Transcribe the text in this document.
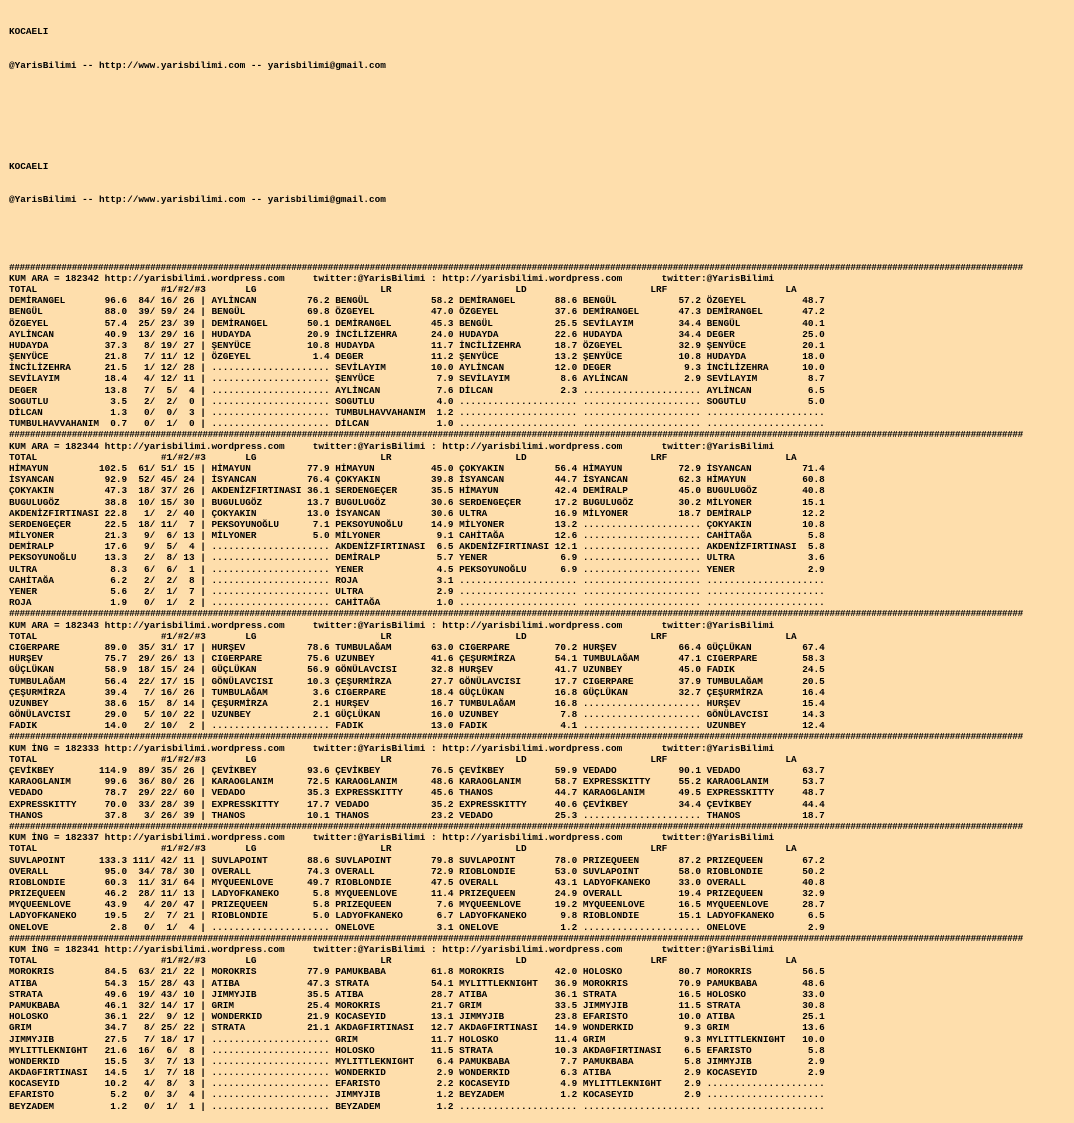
KOCAELI

@YarisBilimi -- http://www.yarisbilimi.com -- yarisbilimi@gmail.com

KOCAELI

@YarisBilimi -- http://www.yarisbilimi.com -- yarisbilimi@gmail.com

##################################################################################################################################################################################################
KUM ARA = 182342 http://yarisbilimi.wordpress.com     twitter:@YarisBilimi : http://yarisbilimi.wordpress.com       twitter:@YarisBilimi
TOTAL                      #1/#2/#3       LG                      LR                      LD                      LRF                     LA
DEMİRANGEL       96.6  84/ 16/ 26 | AYLİNCAN         76.2 BENGÜL           58.2 DEMİRANGEL       88.6 BENGÜL           57.2 ÖZGEYEL          48.7
BENGÜL           88.0  39/ 59/ 24 | BENGÜL           69.8 ÖZGEYEL          47.0 ÖZGEYEL          37.6 DEMİRANGEL       47.3 DEMİRANGEL       47.2
ÖZGEYEL          57.4  25/ 23/ 39 | DEMİRANGEL       50.1 DEMİRANGEL       45.3 BENGÜL           25.5 SEVİLAYIM        34.4 BENGÜL           40.1
AYLİNCAN         40.9  13/ 29/ 16 | HUDAYDA          20.9 İNCİLİZEHRA      24.0 HUDAYDA          22.6 HUDAYDA          34.4 DEGER            25.0
HUDAYDA          37.3   8/ 19/ 27 | ŞENYÜCE          10.8 HUDAYDA          11.7 İNCİLİZEHRA      18.7 ÖZGEYEL          32.9 ŞENYÜCE          20.1
ŞENYÜCE          21.8   7/ 11/ 12 | ÖZGEYEL           1.4 DEGER            11.2 ŞENYÜCE          13.2 ŞENYÜCE          10.8 HUDAYDA          18.0
İNCİLİZEHRA      21.5   1/ 12/ 28 | ..................... SEVİLAYIM        10.0 AYLİNCAN         12.0 DEGER             9.3 İNCİLİZEHRA      10.0
SEVİLAYIM        18.4   4/ 12/ 11 | ..................... ŞENYÜCE           7.9 SEVİLAYIM         8.6 AYLİNCAN          2.9 SEVİLAYIM         8.7
DEGER            13.8   7/  5/  4 | ..................... AYLİNCAN          7.6 DİLCAN            2.3 ..................... AYLİNCAN          6.5
SOGUTLU           3.5   2/  2/  0 | ..................... SOGUTLU           4.0 ..................... ..................... SOGUTLU           5.0
DİLCAN            1.3   0/  0/  3 | ..................... TUMBULHAVVAHANIM  1.2 ..................... ..................... .....................
TUMBULHAVVAHANIM  0.7   0/  1/  0 | ..................... DİLCAN            1.0 ..................... ..................... .....................
##################################################################################################################################################################################################
KUM ARA = 182344 http://yarisbilimi.wordpress.com     twitter:@YarisBilimi : http://yarisbilimi.wordpress.com       twitter:@YarisBilimi
TOTAL                      #1/#2/#3       LG                      LR                      LD                      LRF                     LA
HİMAYUN         102.5  61/ 51/ 15 | HİMAYUN          77.9 HİMAYUN          45.0 ÇOKYAKIN         56.4 HİMAYUN          72.9 İSYANCAN         71.4
İSYANCAN         92.9  52/ 45/ 24 | İSYANCAN         76.4 ÇOKYAKIN         39.8 İSYANCAN         44.7 İSYANCAN         62.3 HİMAYUN          60.8
ÇOKYAKIN         47.3  18/ 37/ 26 | AKDENİZFIRTINASI 36.1 SERDENGEÇER      35.5 HİMAYUN          42.4 DEMİRALP         45.0 BUGULUGÖZ        40.8
BUGULUGÖZ        38.8  10/ 15/ 30 | BUGULUGÖZ        13.7 BUGULUGÖZ        30.6 SERDENGEÇER      17.2 BUGULUGÖZ        30.2 MİLYONER         15.1
AKDENİZFIRTINASI 22.8   1/  2/ 40 | ÇOKYAKIN         13.0 İSYANCAN         30.6 ULTRA            16.9 MİLYONER         18.7 DEMİRALP         12.2
SERDENGEÇER      22.5  18/ 11/  7 | PEKSOYUNOĞLU      7.1 PEKSOYUNOĞLU     14.9 MİLYONER         13.2 ..................... ÇOKYAKIN         10.8
MİLYONER         21.3   9/  6/ 13 | MİLYONER          5.0 MİLYONER          9.1 CAHİTAĞA         12.6 ..................... CAHİTAĞA          5.8
DEMİRALP         17.6   9/  5/  4 | ..................... AKDENİZFIRTINASI  6.5 AKDENİZFIRTINASI 12.1 ..................... AKDENİZFIRTINASI  5.8
PEKSOYUNOĞLU     13.3   2/  8/ 13 | ..................... DEMİRALP          5.7 YENER             6.9 ..................... ULTRA             3.6
ULTRA             8.3   6/  6/  1 | ..................... YENER             4.5 PEKSOYUNOĞLU      6.9 ..................... YENER             2.9
CAHİTAĞA          6.2   2/  2/  8 | ..................... ROJA              3.1 ..................... ..................... .....................
YENER             5.6   2/  1/  7 | ..................... ULTRA             2.9 ..................... ..................... .....................
ROJA              1.9   0/  1/  2 | ..................... CAHİTAĞA          1.0 ..................... ..................... .....................
##################################################################################################################################################################################################
KUM ARA = 182343 http://yarisbilimi.wordpress.com     twitter:@YarisBilimi : http://yarisbilimi.wordpress.com       twitter:@YarisBilimi
TOTAL                      #1/#2/#3       LG                      LR                      LD                      LRF                     LA
CIGERPARE        89.0  35/ 31/ 17 | HURŞEV           78.6 TUMBULAĞAM       63.0 CIGERPARE        70.2 HURŞEV           66.4 GÜÇLÜKAN         67.4
HURŞEV           75.7  29/ 26/ 13 | CIGERPARE        75.6 UZUNBEY          41.6 ÇEŞURMİRZA       54.1 TUMBULAĞAM       47.1 CIGERPARE        58.3
GÜÇLÜKAN         58.9  18/ 15/ 24 | GÜÇLÜKAN         56.9 GÖNÜLAVCISI      32.8 HURŞEV           41.7 UZUNBEY          45.0 FADIK            24.5
TUMBULAĞAM       56.4  22/ 17/ 15 | GÖNÜLAVCISI      10.3 ÇEŞURMİRZA       27.7 GÖNÜLAVCISI      17.7 CIGERPARE        37.9 TUMBULAĞAM       20.5
ÇEŞURMİRZA       39.4   7/ 16/ 26 | TUMBULAĞAM        3.6 CIGERPARE        18.4 GÜÇLÜKAN         16.8 GÜÇLÜKAN         32.7 ÇEŞURMİRZA       16.4
UZUNBEY          38.6  15/  8/ 14 | ÇEŞURMİRZA        2.1 HURŞEV           16.7 TUMBULAĞAM       16.8 ..................... HURŞEV           15.4
GÖNÜLAVCISI      29.0   5/ 10/ 22 | UZUNBEY           2.1 GÜÇLÜKAN         16.0 UZUNBEY           7.8 ..................... GÖNÜLAVCISI      14.3
FADIK            14.0   2/ 10/  2 | ..................... FADIK            13.0 FADIK             4.1 ..................... UZUNBEY          12.4
##################################################################################################################################################################################################
KUM İNG = 182333 http://yarisbilimi.wordpress.com     twitter:@YarisBilimi : http://yarisbilimi.wordpress.com       twitter:@YarisBilimi
TOTAL                      #1/#2/#3       LG                      LR                      LD                      LRF                     LA
ÇEVİKBEY        114.9  89/ 35/ 26 | ÇEVİKBEY         93.6 ÇEVİKBEY         76.5 ÇEVİKBEY         59.9 VEDADO           90.1 VEDADO           63.7
KARAOGLANIM      99.6  36/ 80/ 26 | KARAOGLANIM      72.5 KARAOGLANIM      48.6 KARAOGLANIM      58.7 EXPRESSKITTY     55.2 KARAOGLANIM      53.7
VEDADO           78.7  29/ 22/ 60 | VEDADO           35.3 EXPRESSKITTY     45.6 THANOS           44.7 KARAOGLANIM      49.5 EXPRESSKITTY     48.7
EXPRESSKITTY     70.0  33/ 28/ 39 | EXPRESSKITTY     17.7 VEDADO           35.2 EXPRESSKITTY     40.6 ÇEVİKBEY         34.4 ÇEVİKBEY         44.4
THANOS           37.8   3/ 26/ 39 | THANOS           10.1 THANOS           23.2 VEDADO           25.3 ..................... THANOS           18.7
##################################################################################################################################################################################################
KUM İNG = 182337 http://yarisbilimi.wordpress.com     twitter:@YarisBilimi : http://yarisbilimi.wordpress.com       twitter:@YarisBilimi
TOTAL                      #1/#2/#3       LG                      LR                      LD                      LRF                     LA
SUVLAPOINT      133.3 111/ 42/ 11 | SUVLAPOINT       88.6 SUVLAPOINT       79.8 SUVLAPOINT       78.0 PRIZEQUEEN       87.2 PRIZEQUEEN       67.2
OVERALL          95.0  34/ 78/ 30 | OVERALL          74.3 OVERALL          72.9 RIOBLONDIE       53.0 SUVLAPOINT       58.0 RIOBLONDIE       50.2
RIOBLONDIE       60.3  11/ 31/ 64 | MYQUEENLOVE      49.7 RIOBLONDIE       47.5 OVERALL          43.1 LADYOFKANEKO     33.0 OVERALL          40.8
PRIZEQUEEN       46.2  28/ 11/ 13 | LADYOFKANEKO      5.8 MYQUEENLOVE      11.4 PRIZEQUEEN       24.9 OVERALL          19.4 PRIZEQUEEN       32.9
MYQUEENLOVE      43.9   4/ 20/ 47 | PRIZEQUEEN        5.8 PRIZEQUEEN        7.6 MYQUEENLOVE      19.2 MYQUEENLOVE      16.5 MYQUEENLOVE      28.7
LADYOFKANEKO     19.5   2/  7/ 21 | RIOBLONDIE        5.0 LADYOFKANEKO      6.7 LADYOFKANEKO      9.8 RIOBLONDIE       15.1 LADYOFKANEKO      6.5
ONELOVE           2.8   0/  1/  4 | ..................... ONELOVE           3.1 ONELOVE           1.2 ..................... ONELOVE           2.9
##################################################################################################################################################################################################
KUM İNG = 182341 http://yarisbilimi.wordpress.com     twitter:@YarisBilimi : http://yarisbilimi.wordpress.com       twitter:@YarisBilimi
TOTAL                      #1/#2/#3       LG                      LR                      LD                      LRF                     LA
MOROKRIS         84.5  63/ 21/ 22 | MOROKRIS         77.9 PAMUKBABA        61.8 MOROKRIS         42.0 HOLOSKO          80.7 MOROKRIS         56.5
ATIBA            54.3  15/ 28/ 43 | ATIBA            47.3 STRATA           54.1 MYLITTLEKNIGHT   36.9 MOROKRIS         70.9 PAMUKBABA        48.6
STRATA           49.6  19/ 43/ 10 | JIMMYJIB         35.5 ATIBA            28.7 ATIBA            36.1 STRATA           16.5 HOLOSKO          33.0
PAMUKBABA        46.1  32/ 14/ 17 | GRIM             25.4 MOROKRIS         21.7 GRIM             33.5 JIMMYJIB         11.5 STRATA           30.8
HOLOSKO          36.1  22/  9/ 12 | WONDERKID        21.9 KOCASEYID        13.1 JIMMYJIB         23.8 EFARISTO         10.0 ATIBA            25.1
GRIM             34.7   8/ 25/ 22 | STRATA           21.1 AKDAGFIRTINASI   12.7 AKDAGFIRTINASI   14.9 WONDERKID         9.3 GRIM             13.6
JIMMYJIB         27.5   7/ 18/ 17 | ..................... GRIM             11.7 HOLOSKO          11.4 GRIM              9.3 MYLITTLEKNIGHT   10.0
MYLITTLEKNIGHT   21.6  16/  6/  8 | ..................... HOLOSKO          11.5 STRATA           10.3 AKDAGFIRTINASI    6.5 EFARISTO          5.8
WONDERKID        15.5   3/  7/ 13 | ..................... MYLITTLEKNIGHT    6.4 PAMUKBABA         7.7 PAMUKBABA         5.8 JIMMYJIB          2.9
AKDAGFIRTINASI   14.5   1/  7/ 18 | ..................... WONDERKID         2.9 WONDERKID         6.3 ATIBA             2.9 KOCASEYID         2.9
KOCASEYID        10.2   4/  8/  3 | ..................... EFARISTO          2.2 KOCASEYID         4.9 MYLITTLEKNIGHT    2.9 .....................
EFARISTO          5.2   0/  3/  4 | ..................... JIMMYJIB          1.2 BEYZADEM          1.2 KOCASEYID         2.9 .....................
BEYZADEM          1.2   0/  1/  1 | ..................... BEYZADEM          1.2 ..................... ..................... .....................
